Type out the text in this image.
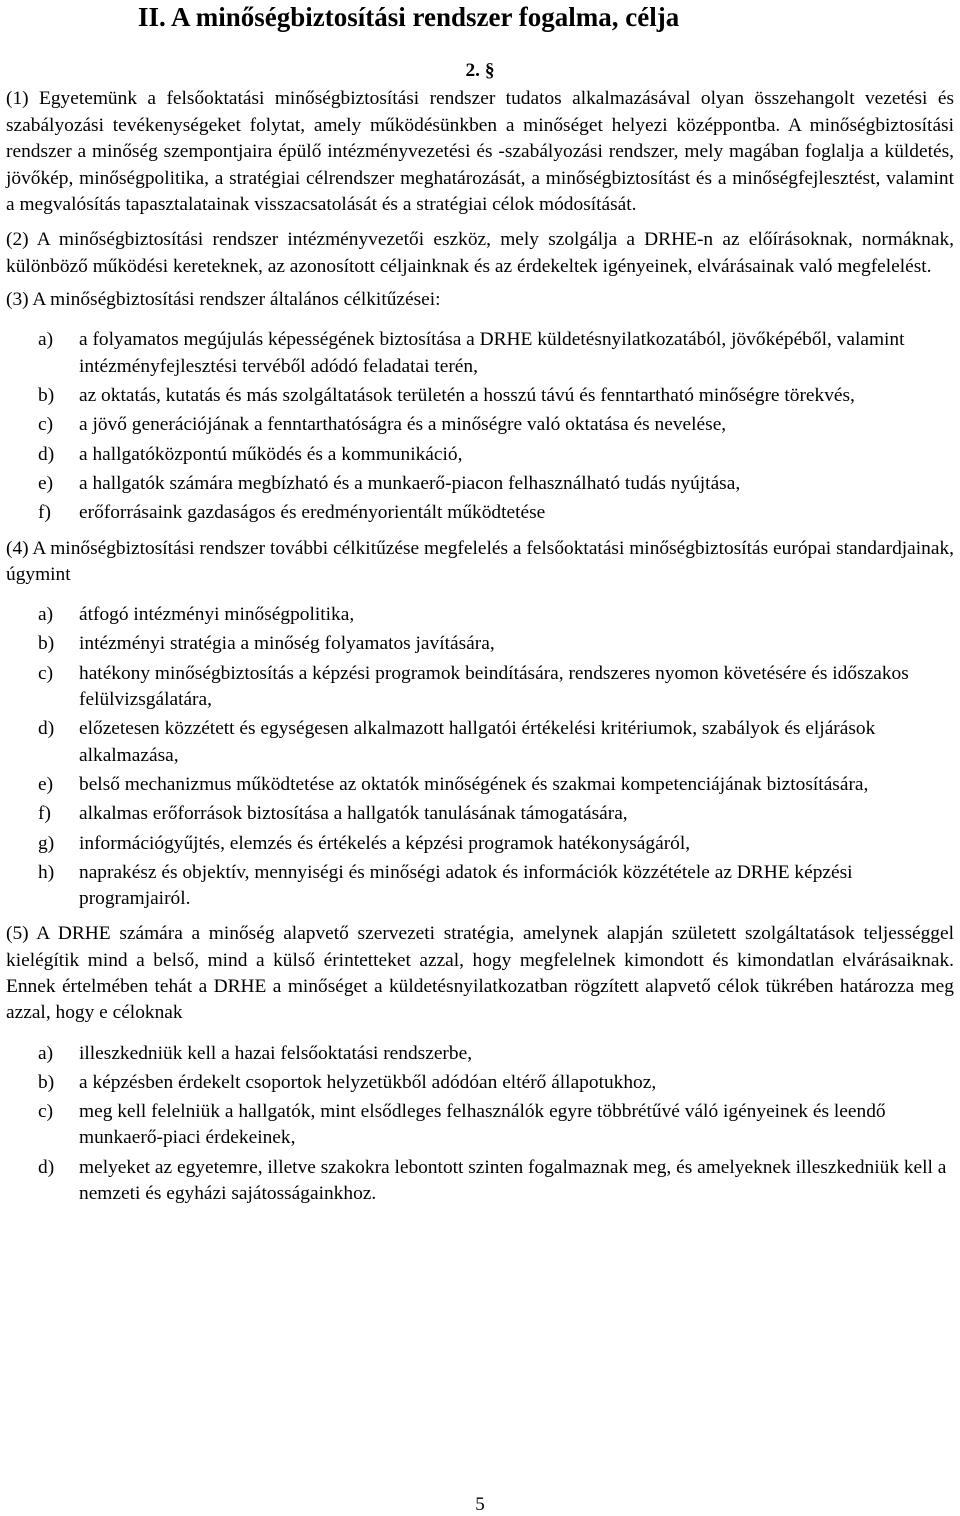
II. A minőségbiztosítási rendszer fogalma, célja
2. §

(1) Egyetemünk a felsőoktatási minőségbiztosítási rendszer tudatos alkalmazásával olyan összehangolt vezetési és szabályozási tevékenységeket folytat, amely működésünkben a minőséget helyezi középpontba. A minőségbiztosítási rendszer a minőség szempontjaira épülő intézményvezetési és -szabályozási rendszer, mely magában foglalja a küldetés, jövőkép, minőségpolitika, a stratégiai célrendszer meghatározását, a minőségbiztosítást és a minőségfejlesztést, valamint a megvalósítás tapasztalatainak visszacsatolását és a stratégiai célok módosítását.

(2) A minőségbiztosítási rendszer intézményvezetői eszköz, mely szolgálja a DRHE-n az előírásoknak, normáknak, különböző működési kereteknek, az azonosított céljainknak és az érdekeltek igényeinek, elvárásainak való megfelelést.

(3) A minőségbiztosítási rendszer általános célkitűzései:

a) a folyamatos megújulás képességének biztosítása a DRHE küldetésnyilatkozatából, jövőképéből, valamint intézményfejlesztési tervéből adódó feladatai terén,
b) az oktatás, kutatás és más szolgáltatások területén a hosszú távú és fenntartható minőségre törekvés,
c) a jövő generációjának a fenntarthatóságra és a minőségre való oktatása és nevelése,
d) a hallgatóközpontú működés és a kommunikáció,
e) a hallgatók számára megbízható és a munkaerő-piacon felhasználható tudás nyújtása,
f) erőforrásaink gazdaságos és eredményorientált működtetése

(4) A minőségbiztosítási rendszer további célkitűzése megfelelés a felsőoktatási minőségbiztosítás európai standardjainak, úgymint

a) átfogó intézményi minőségpolitika,
b) intézményi stratégia a minőség folyamatos javítására,
c) hatékony minőségbiztosítás a képzési programok beindítására, rendszeres nyomon követésére és időszakos felülvizsgálatára,
d) előzetesen közzétett és egységesen alkalmazott hallgatói értékelési kritériumok, szabályok és eljárások alkalmazása,
e) belső mechanizmus működtetése az oktatók minőségének és szakmai kompetenciájának biztosítására,
f) alkalmas erőforrások biztosítása a hallgatók tanulásának támogatására,
g) információgyűjtés, elemzés és értékelés a képzési programok hatékonyságáról,
h) naprakész és objektív, mennyiségi és minőségi adatok és információk közzététele az DRHE képzési programjairól.

(5) A DRHE számára a minőség alapvető szervezeti stratégia, amelynek alapján született szolgáltatások teljességgel kielégítik mind a belső, mind a külső érintetteket azzal, hogy megfelelnek kimondott és kimondatlan elvárásaiknak. Ennek értelmében tehát a DRHE a minőséget a küldetésnyilatkozatban rögzített alapvető célok tükrében határozza meg azzal, hogy e céloknak

a) illeszkedniük kell a hazai felsőoktatási rendszerbe,
b) a képzésben érdekelt csoportok helyzetükből adódóan eltérő állapotukhoz,
c) meg kell felelniük a hallgatók, mint elsődleges felhasználók egyre többrétűvé váló igényeinek és leendő munkaerő-piaci érdekeinek,
d) melyeket az egyetemre, illetve szakokra lebontott szinten fogalmaznak meg, és amelyeknek illeszkedniük kell a nemzeti és egyházi sajátosságainkhoz.
5
